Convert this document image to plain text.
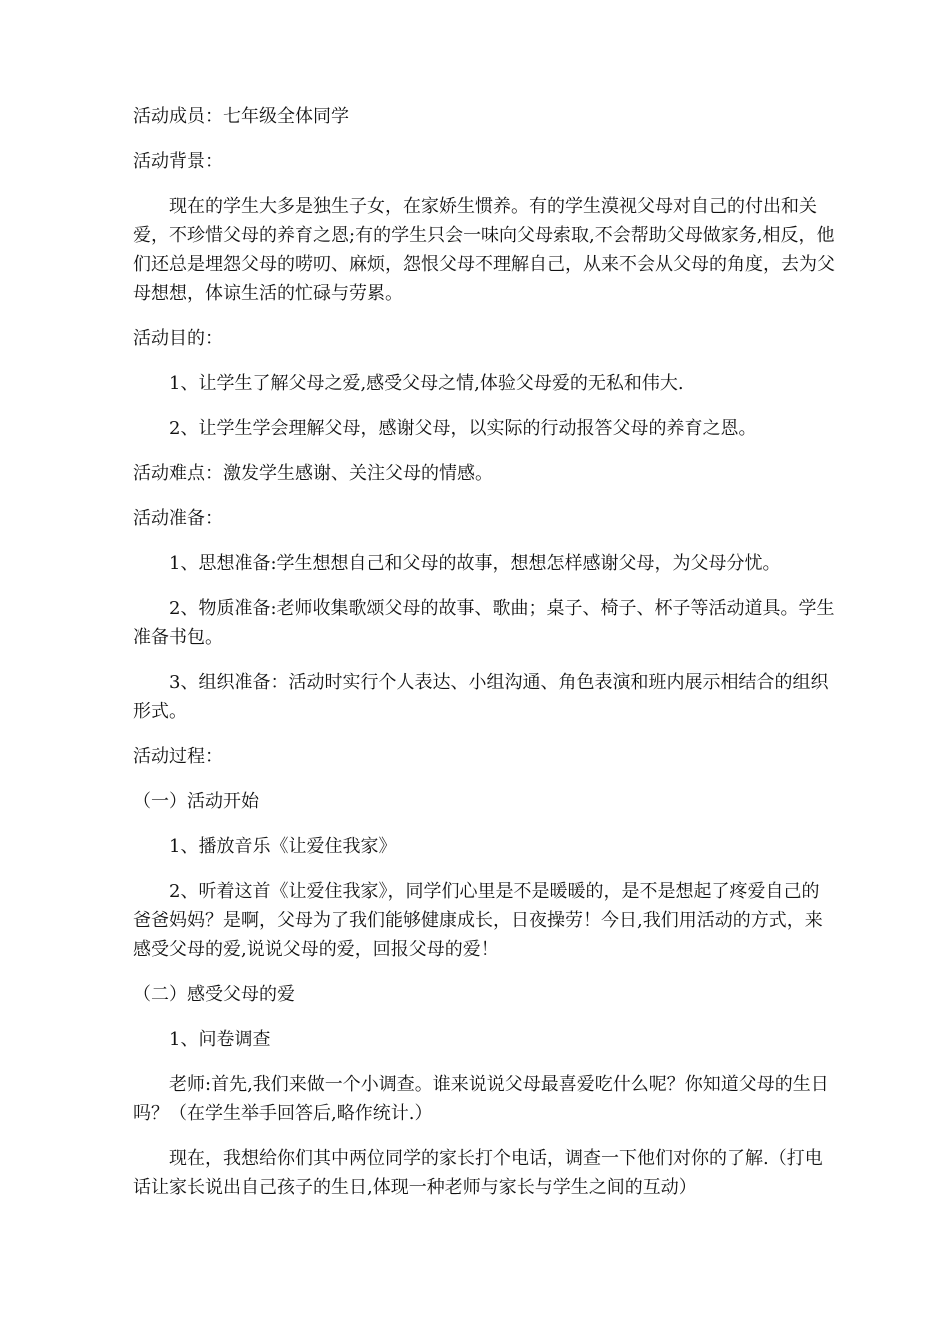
活动成员：七年级全体同学

活动背景：

现在的学生大多是独生子女，在家娇生惯养。有的学生漠视父母对自己的付出和关爱，不珍惜父母的养育之恩;有的学生只会一味向父母索取,不会帮助父母做家务,相反，他们还总是埋怨父母的唠叨、麻烦，怨恨父母不理解自己，从来不会从父母的角度，去为父母想想，体谅生活的忙碌与劳累。

活动目的：

1、让学生了解父母之爱,感受父母之情,体验父母爱的无私和伟大.

2、让学生学会理解父母，感谢父母，以实际的行动报答父母的养育之恩。

活动难点：激发学生感谢、关注父母的情感。

活动准备：

1、思想准备:学生想想自己和父母的故事，想想怎样感谢父母，为父母分忧。

2、物质准备:老师收集歌颂父母的故事、歌曲；桌子、椅子、杯子等活动道具。学生准备书包。

3、组织准备：活动时实行个人表达、小组沟通、角色表演和班内展示相结合的组织形式。

活动过程：

（一）活动开始

1、播放音乐《让爱住我家》

2、听着这首《让爱住我家》，同学们心里是不是暖暖的，是不是想起了疼爱自己的爸爸妈妈？是啊，父母为了我们能够健康成长，日夜操劳！今日,我们用活动的方式，来感受父母的爱,说说父母的爱，回报父母的爱！

（二）感受父母的爱

1、问卷调查

老师:首先,我们来做一个小调查。谁来说说父母最喜爱吃什么呢？你知道父母的生日吗？（在学生举手回答后,略作统计.）

现在，我想给你们其中两位同学的家长打个电话，调查一下他们对你的了解.（打电话让家长说出自己孩子的生日,体现一种老师与家长与学生之间的互动）
